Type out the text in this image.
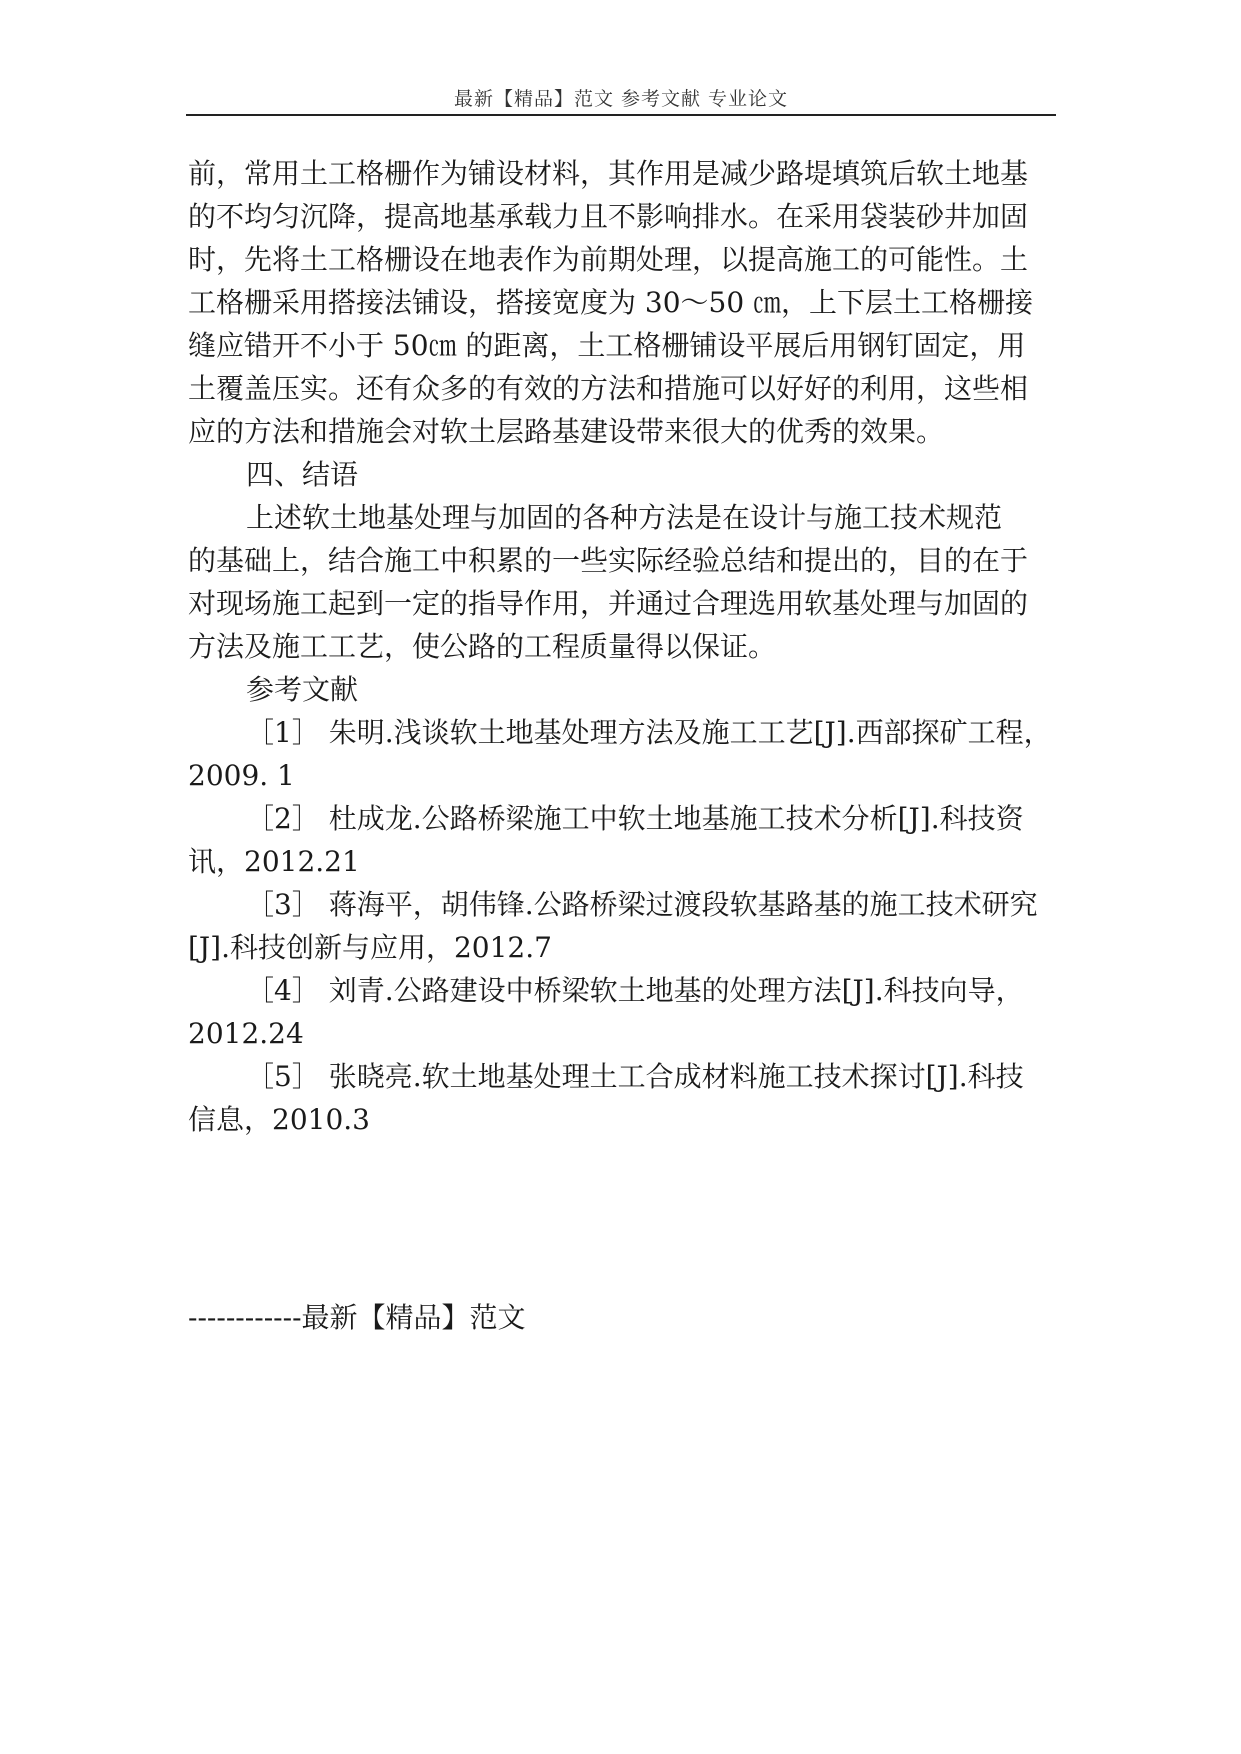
最新【精品】范文 参考文献 专业论文

前，常用土工格栅作为铺设材料，其作用是减少路堤填筑后软土地基

的不均匀沉降，提高地基承载力且不影响排水。在采用袋装砂井加固

时，先将土工格栅设在地表作为前期处理，以提高施工的可能性。土

工格栅采用搭接法铺设，搭接宽度为 30～50 ㎝，上下层土工格栅接

缝应错开不小于 50㎝ 的距离，土工格栅铺设平展后用钢钉固定，用

土覆盖压实。还有众多的有效的方法和措施可以好好的利用，这些相

应的方法和措施会对软土层路基建设带来很大的优秀的效果。

四、结语

上述软土地基处理与加固的各种方法是在设计与施工技术规范

的基础上，结合施工中积累的一些实际经验总结和提出的，目的在于

对现场施工起到一定的指导作用，并通过合理选用软基处理与加固的

方法及施工工艺，使公路的工程质量得以保证。

参考文献

［1］ 朱明.浅谈软土地基处理方法及施工工艺[J].西部探矿工程，

2009. 1

［2］ 杜成龙.公路桥梁施工中软土地基施工技术分析[J].科技资

讯，2012.21

［3］ 蒋海平，胡伟锋.公路桥梁过渡段软基路基的施工技术研究

[J].科技创新与应用，2012.7

［4］ 刘青.公路建设中桥梁软土地基的处理方法[J].科技向导，

2012.24

［5］ 张晓亮.软土地基处理土工合成材料施工技术探讨[J].科技

信息，2010.3

------------最新【精品】范文
